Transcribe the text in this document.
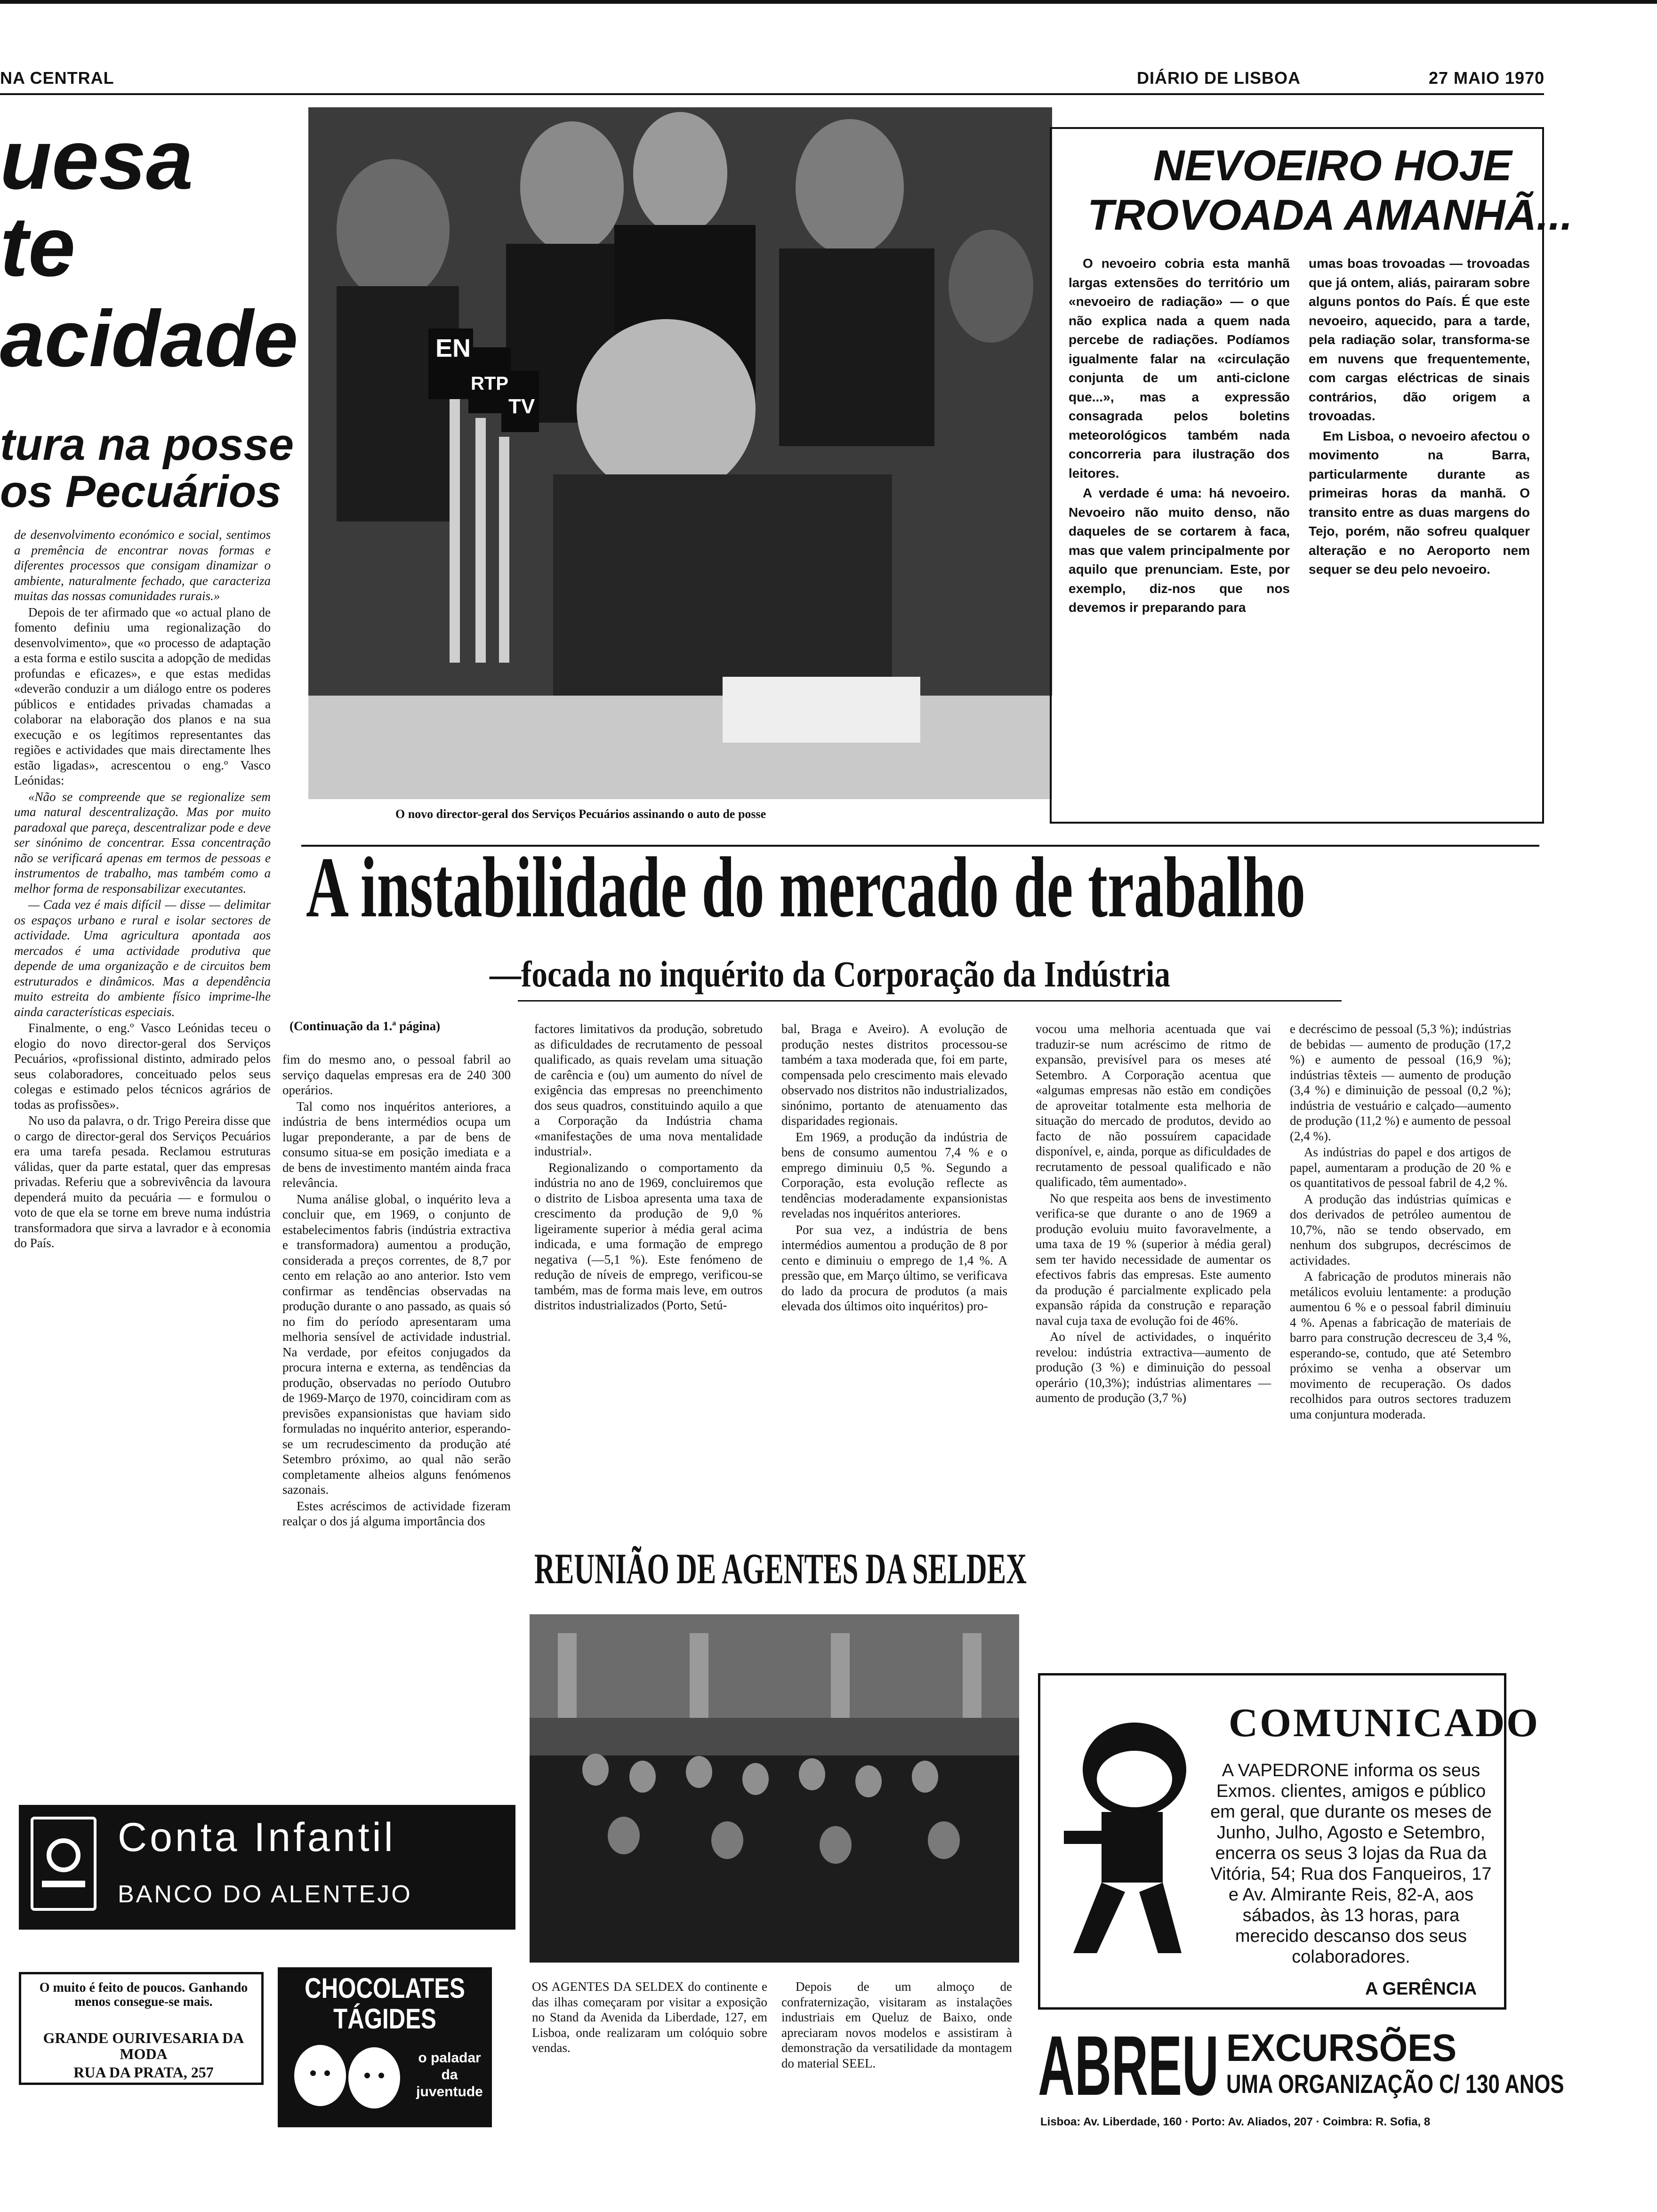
NA CENTRAL	DIÁRIO DE LISBOA	27 MAIO 1970
uesa
te
acidade
tura na posse
os Pecuários

de desenvolvimento económico e social, sentimos a premência de encontrar novas formas e diferentes processos que consigam dinamizar o ambiente, naturalmente fechado, que caracteriza muitas das nossas comunidades rurais.»

Depois de ter afirmado que «o actual plano de fomento definiu uma regionalização do desenvolvimento», que «o processo de adaptação a esta forma e estilo suscita a adopção de medidas profundas e eficazes», e que estas medidas «deverão conduzir a um diálogo entre os poderes públicos e entidades privadas chamadas a colaborar na elaboração dos planos e na sua execução e os legítimos representantes das regiões e actividades que mais directamente lhes estão ligadas», acrescentou o eng.º Vasco Leónidas:

«Não se compreende que se regionalize sem uma natural descentralização. Mas por muito paradoxal que pareça, descentralizar pode e deve ser sinónimo de concentrar. Essa concentração não se verificará apenas em termos de pessoas e instrumentos de trabalho, mas também como a melhor forma de responsabilizar executantes.

— Cada vez é mais difícil — disse — delimitar os espaços urbano e rural e isolar sectores de actividade. Uma agricultura apontada aos mercados é uma actividade produtiva que depende de uma organização e de circuitos bem estruturados e dinâmicos. Mas a dependência muito estreita do ambiente físico imprime-lhe ainda características especiais.

Finalmente, o eng.º Vasco Leónidas teceu o elogio do novo director-geral dos Serviços Pecuários, «profissional distinto, admirado pelos seus colaboradores, conceituado pelos seus colegas e estimado pelos técnicos agrários de todas as profissões».

No uso da palavra, o dr. Trigo Pereira disse que o cargo de director-geral dos Serviços Pecuários era uma tarefa pesada. Reclamou estruturas válidas, quer da parte estatal, quer das empresas privadas. Referiu que a sobrevivência da lavoura dependerá muito da pecuária — e formulou o voto de que ela se torne em breve numa indústria transformadora que sirva a lavrador e à economia do País.

EN
RTP
TV
O novo director-geral dos Serviços Pecuários assinando o auto de posse
NEVOEIRO HOJE
TROVOADA AMANHÃ...

O nevoeiro cobria esta manhã largas extensões do território um «nevoeiro de radiação» — o que não explica nada a quem nada percebe de radiações. Podíamos igualmente falar na «circulação conjunta de um anti-ciclone que...», mas a expressão consagrada pelos boletins meteorológicos também nada concorreria para ilustração dos leitores.

A verdade é uma: há nevoeiro. Nevoeiro não muito denso, não daqueles de se cortarem à faca, mas que valem principalmente por aquilo que prenunciam. Este, por exemplo, diz-nos que nos devemos ir preparando para

umas boas trovoadas — trovoadas que já ontem, aliás, pairaram sobre alguns pontos do País. É que este nevoeiro, aquecido, para a tarde, pela radiação solar, transforma-se em nuvens que frequentemente, com cargas eléctricas de sinais contrários, dão origem a trovoadas.

Em Lisboa, o nevoeiro afectou o movimento na Barra, particularmente durante as primeiras horas da manhã. O transito entre as duas margens do Tejo, porém, não sofreu qualquer alteração e no Aeroporto nem sequer se deu pelo nevoeiro.

A instabilidade do mercado de trabalho
—focada no inquérito da Corporação da Indústria
(Continuação da 1.ª página)

fim do mesmo ano, o pessoal fabril ao serviço daquelas empresas era de 240 300 operários.

Tal como nos inquéritos anteriores, a indústria de bens intermédios ocupa um lugar preponderante, a par de bens de consumo situa-se em posição imediata e a de bens de investimento mantém ainda fraca relevância.

Numa análise global, o inquérito leva a concluir que, em 1969, o conjunto de estabelecimentos fabris (indústria extractiva e transformadora) aumentou a produção, considerada a preços correntes, de 8,7 por cento em relação ao ano anterior. Isto vem confirmar as tendências observadas na produção durante o ano passado, as quais só no fim do período apresentaram uma melhoria sensível de actividade industrial. Na verdade, por efeitos conjugados da procura interna e externa, as tendências da produção, observadas no período Outubro de 1969-Março de 1970, coincidiram com as previsões expansionistas que haviam sido formuladas no inquérito anterior, esperando-se um recrudescimento da produção até Setembro próximo, ao qual não serão completamente alheios alguns fenómenos sazonais.

Estes acréscimos de actividade fizeram realçar o dos já alguma importância dos

factores limitativos da produção, sobretudo as dificuldades de recrutamento de pessoal qualificado, as quais revelam uma situação de carência e (ou) um aumento do nível de exigência das empresas no preenchimento dos seus quadros, constituindo aquilo a que a Corporação da Indústria chama «manifestações de uma nova mentalidade industrial».

Regionalizando o comportamento da indústria no ano de 1969, concluiremos que o distrito de Lisboa apresenta uma taxa de crescimento da produção de 9,0 % ligeiramente superior à média geral acima indicada, e uma formação de emprego negativa (—5,1 %). Este fenómeno de redução de níveis de emprego, verificou-se também, mas de forma mais leve, em outros distritos industrializados (Porto, Setú-

bal, Braga e Aveiro). A evolução de produção nestes distritos processou-se também a taxa moderada que, foi em parte, compensada pelo crescimento mais elevado observado nos distritos não industrializados, sinónimo, portanto de atenuamento das disparidades regionais.

Em 1969, a produção da indústria de bens de consumo aumentou 7,4 % e o emprego diminuiu 0,5 %. Segundo a Corporação, esta evolução reflecte as tendências moderadamente expansionistas reveladas nos inquéritos anteriores.

Por sua vez, a indústria de bens intermédios aumentou a produção de 8 por cento e diminuiu o emprego de 1,4 %. A pressão que, em Março último, se verificava do lado da procura de produtos (a mais elevada dos últimos oito inquéritos) pro-

vocou uma melhoria acentuada que vai traduzir-se num acréscimo de ritmo de expansão, previsível para os meses até Setembro. A Corporação acentua que «algumas empresas não estão em condições de aproveitar totalmente esta melhoria de situação do mercado de produtos, devido ao facto de não possuírem capacidade disponível, e, ainda, porque as dificuldades de recrutamento de pessoal qualificado e não qualificado, têm aumentado».

No que respeita aos bens de investimento verifica-se que durante o ano de 1969 a produção evoluiu muito favoravelmente, a uma taxa de 19 % (superior à média geral) sem ter havido necessidade de aumentar os efectivos fabris das empresas. Este aumento da produção é parcialmente explicado pela expansão rápida da construção e reparação naval cuja taxa de evolução foi de 46%.

Ao nível de actividades, o inquérito revelou: indústria extractiva—aumento de produção (3 %) e diminuição do pessoal operário (10,3%); indústrias alimentares — aumento de produção (3,7 %)

e decréscimo de pessoal (5,3 %); indústrias de bebidas — aumento de produção (17,2 %) e aumento de pessoal (16,9 %); indústrias têxteis — aumento de produção (3,4 %) e diminuição de pessoal (0,2 %); indústria de vestuário e calçado—aumento de produção (11,2 %) e aumento de pessoal (2,4 %).

As indústrias do papel e dos artigos de papel, aumentaram a produção de 20 % e os quantitativos de pessoal fabril de 4,2 %.

A produção das indústrias químicas e dos derivados de petróleo aumentou de 10,7%, não se tendo observado, em nenhum dos subgrupos, decréscimos de actividades.

A fabricação de produtos minerais não metálicos evoluiu lentamente: a produção aumentou 6 % e o pessoal fabril diminuiu 4 %. Apenas a fabricação de materiais de barro para construção decresceu de 3,4 %, esperando-se, contudo, que até Setembro próximo se venha a observar um movimento de recuperação. Os dados recolhidos para outros sectores traduzem uma conjuntura moderada.

REUNIÃO DE AGENTES DA SELDEX

OS AGENTES DA SELDEX do continente e das ilhas começaram por visitar a exposição no Stand da Avenida da Liberdade, 127, em Lisboa, onde realizaram um colóquio sobre vendas.

Depois de um almoço de confraternização, visitaram as instalações industriais em Queluz de Baixo, onde apreciaram novos modelos e assistiram à demonstração da versatilidade da montagem do material SEEL.

Conta Infantil
BANCO DO ALENTEJO
O muito é feito de poucos. Ganhando menos consegue-se mais.
GRANDE OURIVESARIA DA MODA
RUA DA PRATA, 257
CHOCOLATES
TÁGIDES
o paladar da juventude
COMUNICADO
A VAPEDRONE informa os seus Exmos. clientes, amigos e público em geral, que durante os meses de Junho, Julho, Agosto e Setembro, encerra os seus 3 lojas da Rua da Vitória, 54; Rua dos Fanqueiros, 17 e Av. Almirante Reis, 82-A, aos sábados, às 13 horas, para merecido descanso dos seus colaboradores.
A GERÊNCIA
ABREU EXCURSÕES
UMA ORGANIZAÇÃO C/ 130 ANOS
Lisboa: Av. Liberdade, 160 · Porto: Av. Aliados, 207 · Coimbra: R. Sofia, 8
